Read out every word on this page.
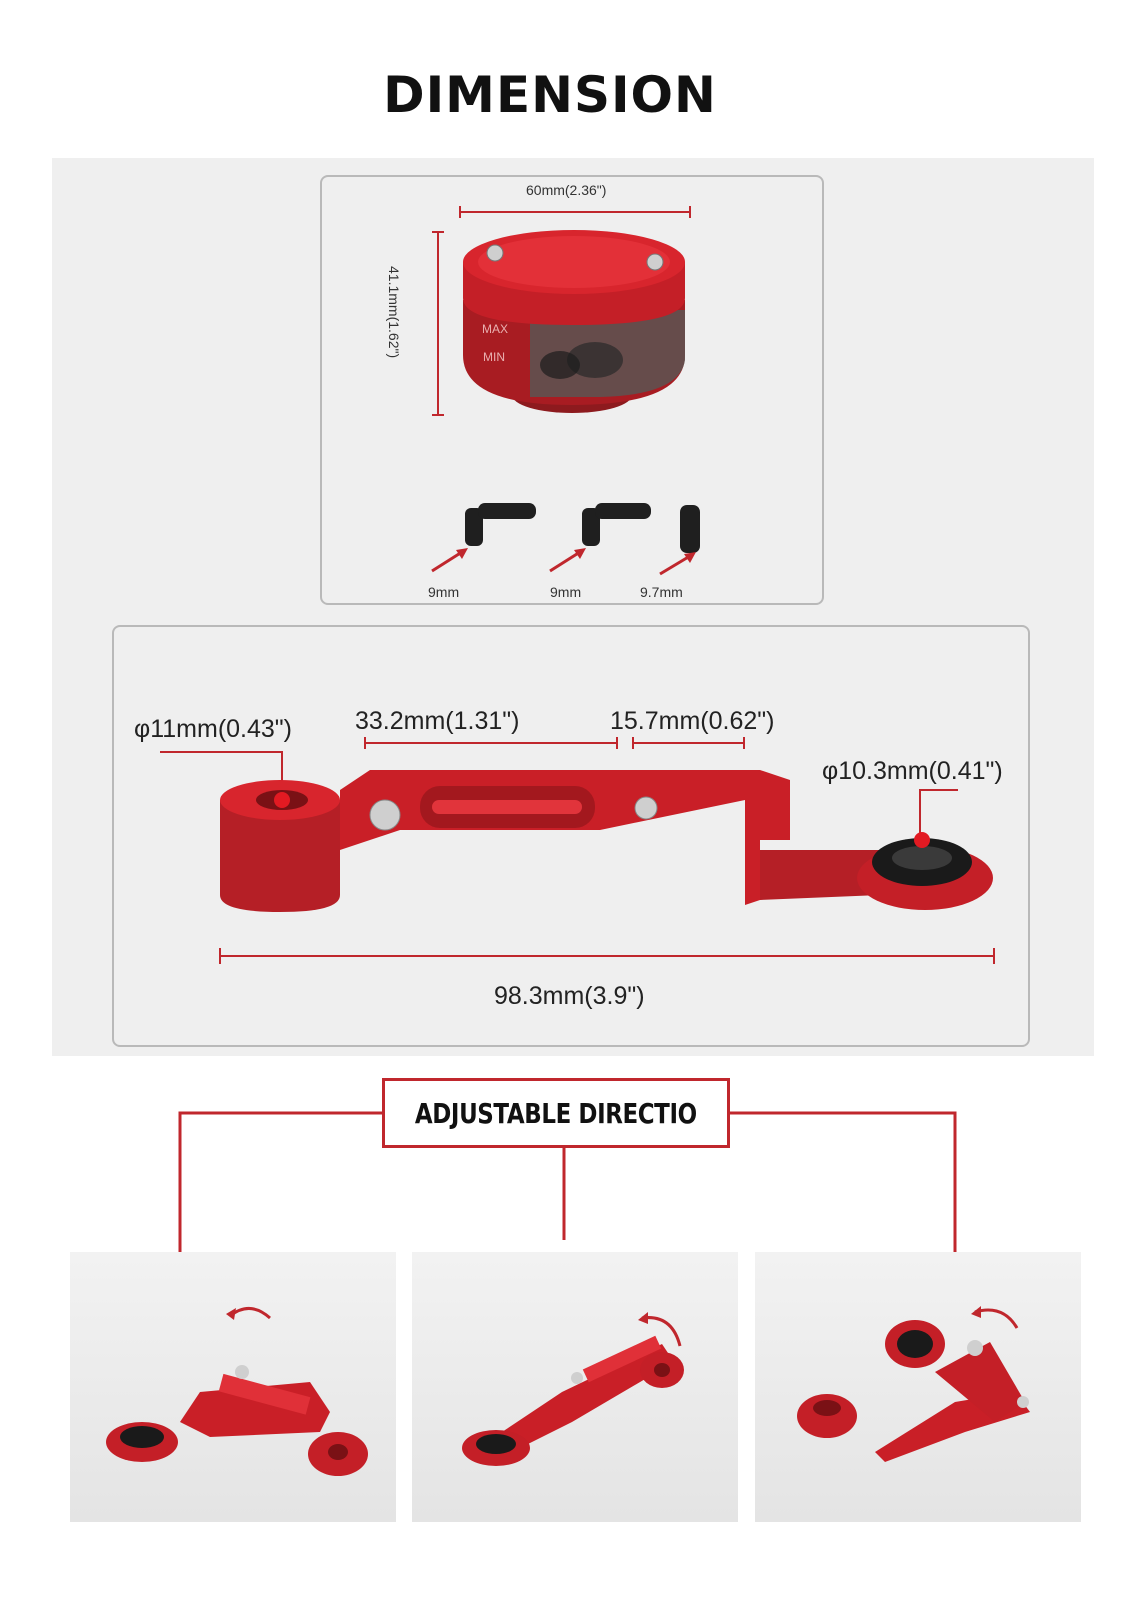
DIMENSION
60mm(2.36")
41.1mm(1.62")	MAX
MIN
9mm	9mm	9.7mm
φ11mm(0.43")	33.2mm(1.31")	15.7mm(0.62")
φ10.3mm(0.41")
98.3mm(3.9")
ADJUSTABLE DIRECTIO
